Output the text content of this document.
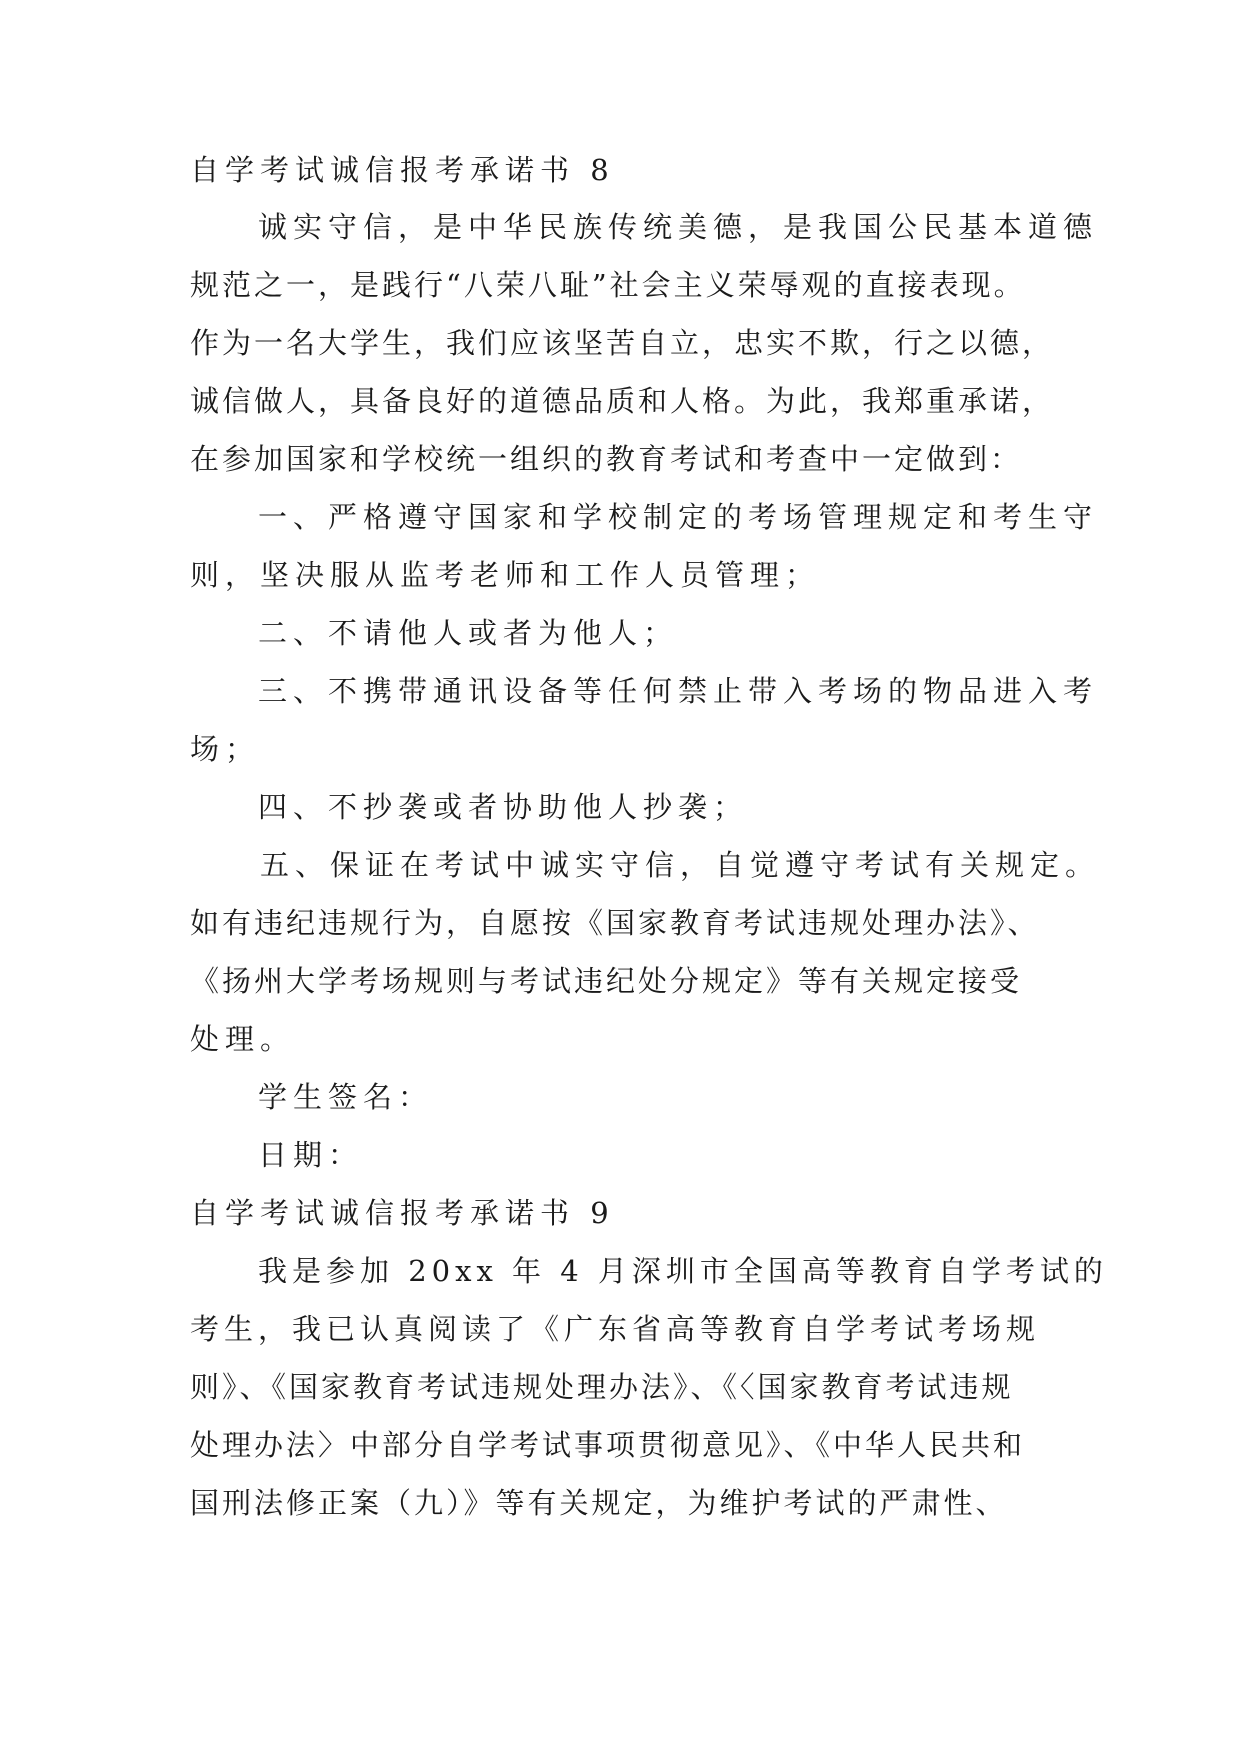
自学考试诚信报考承诺书 8

诚实守信，是中华民族传统美德，是我国公民基本道德

规范之一，是践行“八荣八耻”社会主义荣辱观的直接表现。

作为一名大学生，我们应该坚苦自立，忠实不欺，行之以德，

诚信做人，具备良好的道德品质和人格。为此，我郑重承诺，

在参加国家和学校统一组织的教育考试和考查中一定做到：

一、严格遵守国家和学校制定的考场管理规定和考生守

则，坚决服从监考老师和工作人员管理；

二、不请他人或者为他人；

三、不携带通讯设备等任何禁止带入考场的物品进入考

场；

四、不抄袭或者协助他人抄袭；

五、保证在考试中诚实守信，自觉遵守考试有关规定。

如有违纪违规行为，自愿按《国家教育考试违规处理办法》、

《扬州大学考场规则与考试违纪处分规定》等有关规定接受

处理。

学生签名：

日期：

自学考试诚信报考承诺书 9

我是参加 20xx 年 4 月深圳市全国高等教育自学考试的

考生，我已认真阅读了《广东省高等教育自学考试考场规

则》、《国家教育考试违规处理办法》、《〈国家教育考试违规

处理办法〉中部分自学考试事项贯彻意见》、《中华人民共和

国刑法修正案（九）》等有关规定，为维护考试的严肃性、
